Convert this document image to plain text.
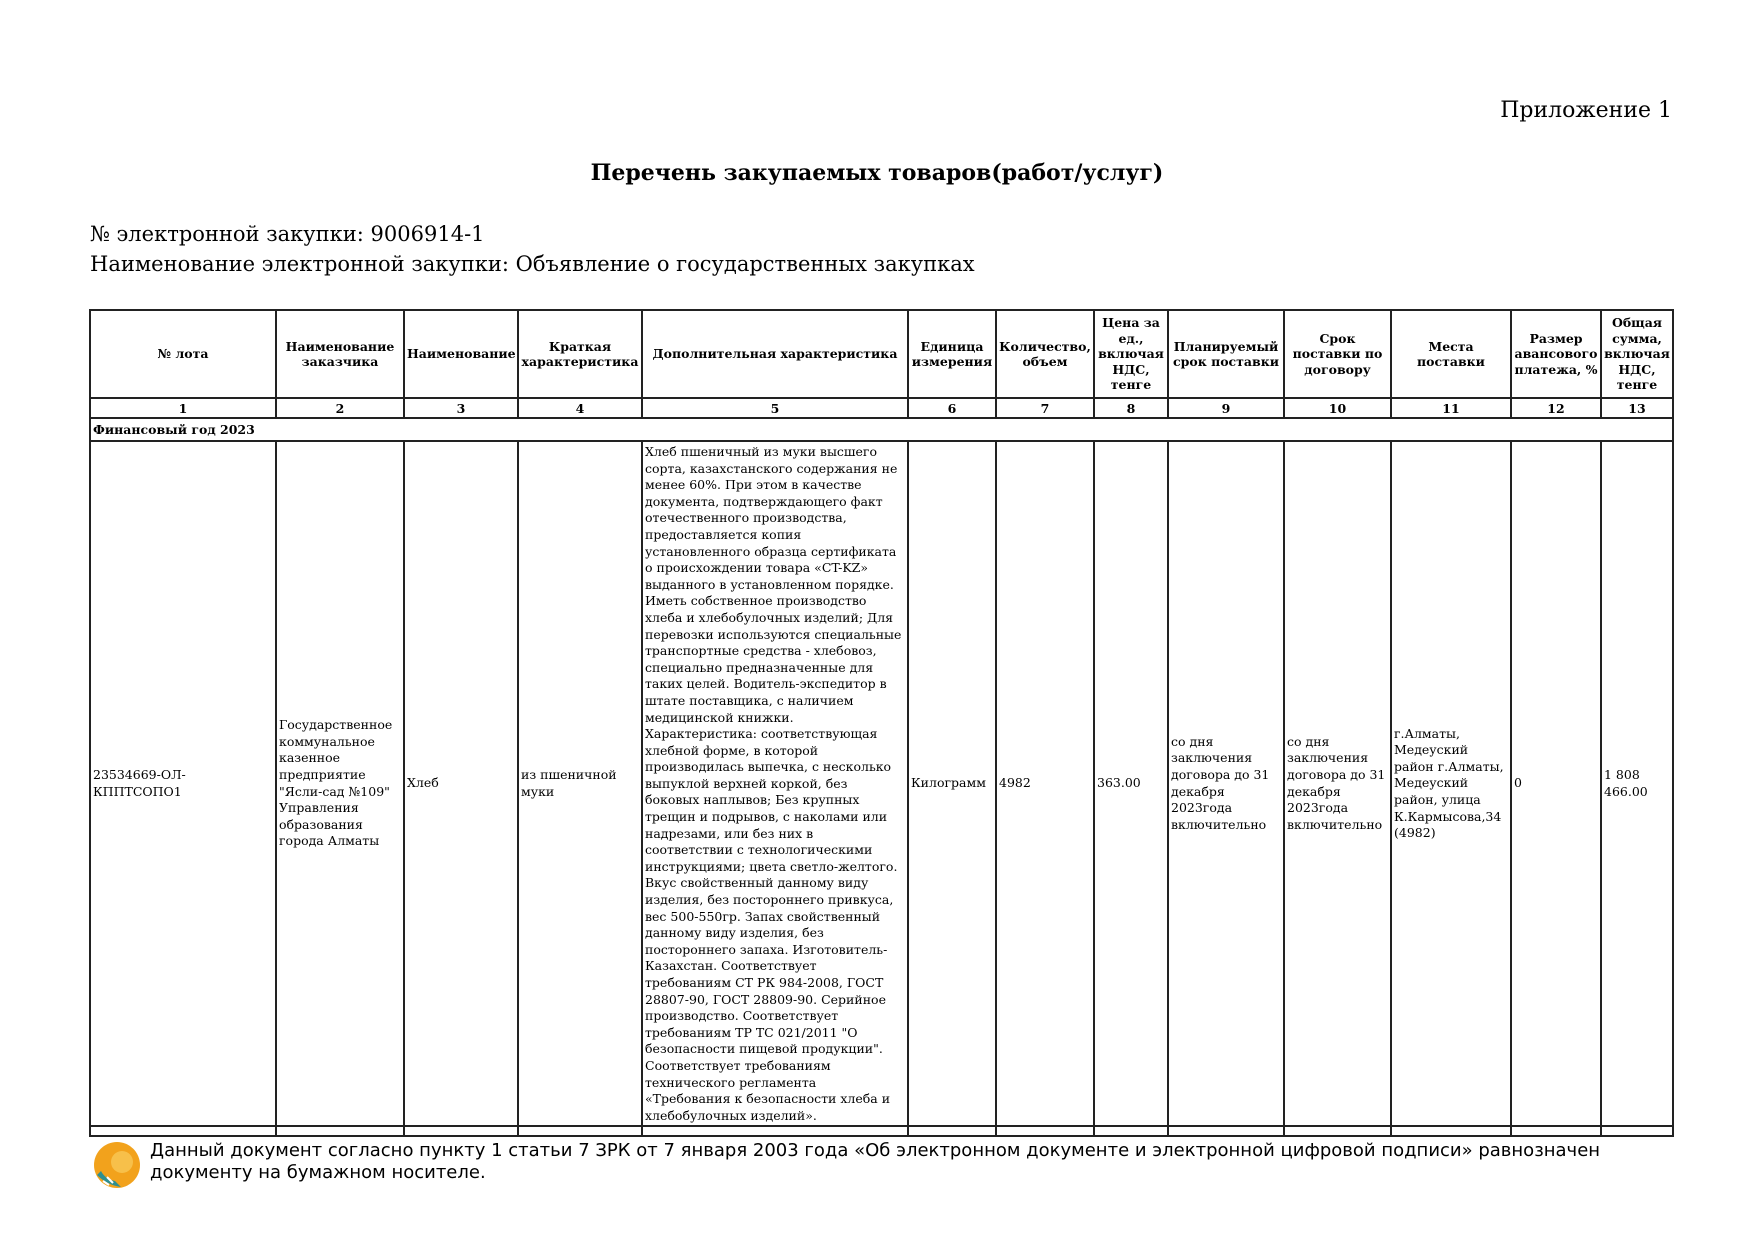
Приложение 1
Перечень закупаемых товаров(работ/услуг)
№ электронной закупки: 9006914-1
Наименование электронной закупки: Объявление о государственных закупках
№ лота	Наименование заказчика	Наименование	Краткая характеристика	Дополнительная характеристика	Единица измерения	Количество, объем	Цена за ед., включая НДС, тенге	Планируемый срок поставки	Срок поставки по договору	Места поставки	Размер авансового платежа, %	Общая сумма, включая НДС, тенге
1	2	3	4	5	6	7	8	9	10	11	12	13
Финансовый год 2023												
23534669-ОЛ-КППТСОПО1	Государственное коммунальное казенное предприятие "Ясли-сад №109" Управления образования города Алматы	Хлеб	из пшеничной муки	Хлеб пшеничный из муки высшего сорта, казахстанского содержания не менее 60%. При этом в качестве документа, подтверждающего факт отечественного производства, предоставляется копия установленного образца сертификата о происхождении товара «CT-KZ» выданного в установленном порядке. Иметь собственное производство хлеба и хлебобулочных изделий; Для перевозки используются специальные транспортные средства - хлебовоз, специально предназначенные для таких целей. Водитель-экспедитор в штате поставщика, с наличием медицинской книжки. Характеристика: соответствующая хлебной форме, в которой производилась выпечка, с несколько выпуклой верхней коркой, без боковых наплывов; Без крупных трещин и подрывов, с наколами или надрезами, или без них в соответствии с технологическими инструкциями; цвета светло-желтого. Вкус свойственный данному виду изделия, без постороннего привкуса, вес 500-550гр. Запах свойственный данному виду изделия, без постороннего запаха. Изготовитель-Казахстан. Соответствует требованиям СТ РК 984-2008, ГОСТ 28807-90, ГОСТ 28809-90. Серийное производство. Соответствует требованиям ТР ТС 021/2011 "О безопасности пищевой продукции". Соответствует требованиям технического регламента «Требования к безопасности хлеба и хлебобулочных изделий».	Килограмм	4982	363.00	со дня заключения договора до 31 декабря 2023года включительно	со дня заключения договора до 31 декабря 2023года включительно	г.Алматы, Медеуский район г.Алматы, Медеуский район, улица К.Кармысова,34 (4982)	0	1 808 466.00

Данный документ согласно пункту 1 статьи 7 ЗРК от 7 января 2003 года «Об электронном документе и электронной цифровой подписи» равнозначен документу на бумажном носителе.
